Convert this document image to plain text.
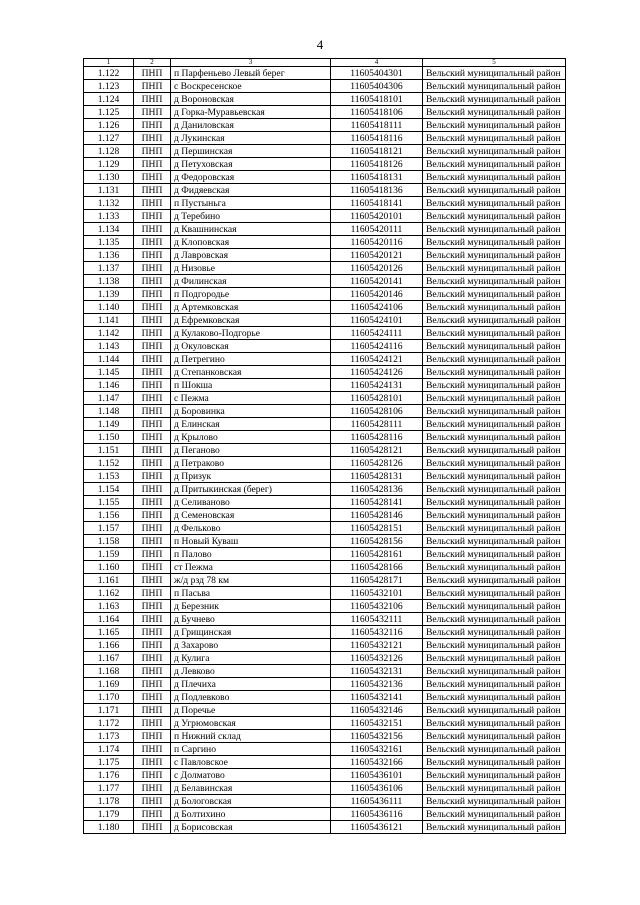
4
1	2	3	4	5
1.122	ПНП	п Парфеньево Левый берег	11605404301	Вельский муниципальный район
1.123	ПНП	с Воскресенское	11605404306	Вельский муниципальный район
1.124	ПНП	д Вороновская	11605418101	Вельский муниципальный район
1.125	ПНП	д Горка-Муравьевская	11605418106	Вельский муниципальный район
1.126	ПНП	д Даниловская	11605418111	Вельский муниципальный район
1.127	ПНП	д Лукинская	11605418116	Вельский муниципальный район
1.128	ПНП	д Першинская	11605418121	Вельский муниципальный район
1.129	ПНП	д Петуховская	11605418126	Вельский муниципальный район
1.130	ПНП	д Федоровская	11605418131	Вельский муниципальный район
1.131	ПНП	д Фидяевская	11605418136	Вельский муниципальный район
1.132	ПНП	п Пустыньга	11605418141	Вельский муниципальный район
1.133	ПНП	д Теребино	11605420101	Вельский муниципальный район
1.134	ПНП	д Квашнинская	11605420111	Вельский муниципальный район
1.135	ПНП	д Клоповская	11605420116	Вельский муниципальный район
1.136	ПНП	д Лавровская	11605420121	Вельский муниципальный район
1.137	ПНП	д Низовье	11605420126	Вельский муниципальный район
1.138	ПНП	д Филинская	11605420141	Вельский муниципальный район
1.139	ПНП	п Подгородье	11605420146	Вельский муниципальный район
1.140	ПНП	д Артемковская	11605424106	Вельский муниципальный район
1.141	ПНП	д Ефремковская	11605424101	Вельский муниципальный район
1.142	ПНП	д Кулаково-Подгорье	11605424111	Вельский муниципальный район
1.143	ПНП	д Окуловская	11605424116	Вельский муниципальный район
1.144	ПНП	д Петрегино	11605424121	Вельский муниципальный район
1.145	ПНП	д Степанковская	11605424126	Вельский муниципальный район
1.146	ПНП	п Шокша	11605424131	Вельский муниципальный район
1.147	ПНП	с Пежма	11605428101	Вельский муниципальный район
1.148	ПНП	д Боровинка	11605428106	Вельский муниципальный район
1.149	ПНП	д Елинская	11605428111	Вельский муниципальный район
1.150	ПНП	д Крылово	11605428116	Вельский муниципальный район
1.151	ПНП	д Пеганово	11605428121	Вельский муниципальный район
1.152	ПНП	д Петраково	11605428126	Вельский муниципальный район
1.153	ПНП	д Призук	11605428131	Вельский муниципальный район
1.154	ПНП	д Притыкинская (берег)	11605428136	Вельский муниципальный район
1.155	ПНП	д Селиваново	11605428141	Вельский муниципальный район
1.156	ПНП	д Семеновская	11605428146	Вельский муниципальный район
1.157	ПНП	д Фельково	11605428151	Вельский муниципальный район
1.158	ПНП	п Новый Куваш	11605428156	Вельский муниципальный район
1.159	ПНП	п Палово	11605428161	Вельский муниципальный район
1.160	ПНП	ст Пежма	11605428166	Вельский муниципальный район
1.161	ПНП	ж/д рзд 78 км	11605428171	Вельский муниципальный район
1.162	ПНП	п Пасьва	11605432101	Вельский муниципальный район
1.163	ПНП	д Березник	11605432106	Вельский муниципальный район
1.164	ПНП	д Бучнево	11605432111	Вельский муниципальный район
1.165	ПНП	д Грищинская	11605432116	Вельский муниципальный район
1.166	ПНП	д Захарово	11605432121	Вельский муниципальный район
1.167	ПНП	д Кулига	11605432126	Вельский муниципальный район
1.168	ПНП	д Левково	11605432131	Вельский муниципальный район
1.169	ПНП	д Плечиха	11605432136	Вельский муниципальный район
1.170	ПНП	д Подлевково	11605432141	Вельский муниципальный район
1.171	ПНП	д Поречье	11605432146	Вельский муниципальный район
1.172	ПНП	д Угрюмовская	11605432151	Вельский муниципальный район
1.173	ПНП	п Нижний склад	11605432156	Вельский муниципальный район
1.174	ПНП	п Саргино	11605432161	Вельский муниципальный район
1.175	ПНП	с Павловское	11605432166	Вельский муниципальный район
1.176	ПНП	с Долматово	11605436101	Вельский муниципальный район
1.177	ПНП	д Белавинская	11605436106	Вельский муниципальный район
1.178	ПНП	д Бологовская	11605436111	Вельский муниципальный район
1.179	ПНП	д Болтихино	11605436116	Вельский муниципальный район
1.180	ПНП	д Борисовская	11605436121	Вельский муниципальный район
